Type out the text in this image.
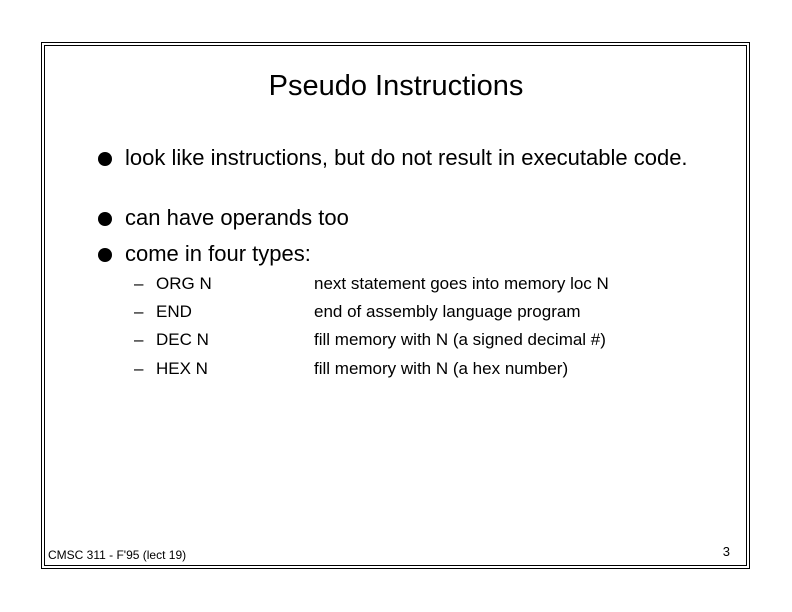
Pseudo Instructions
look like instructions, but do not result in executable code.
can have operands too
come in four types:
– ORG N	next statement goes into memory loc N
– END	end of assembly language program
– DEC N	fill memory with N (a signed decimal #)
– HEX N	fill memory with N (a hex number)
CMSC 311 - F'95 (lect 19)	3
